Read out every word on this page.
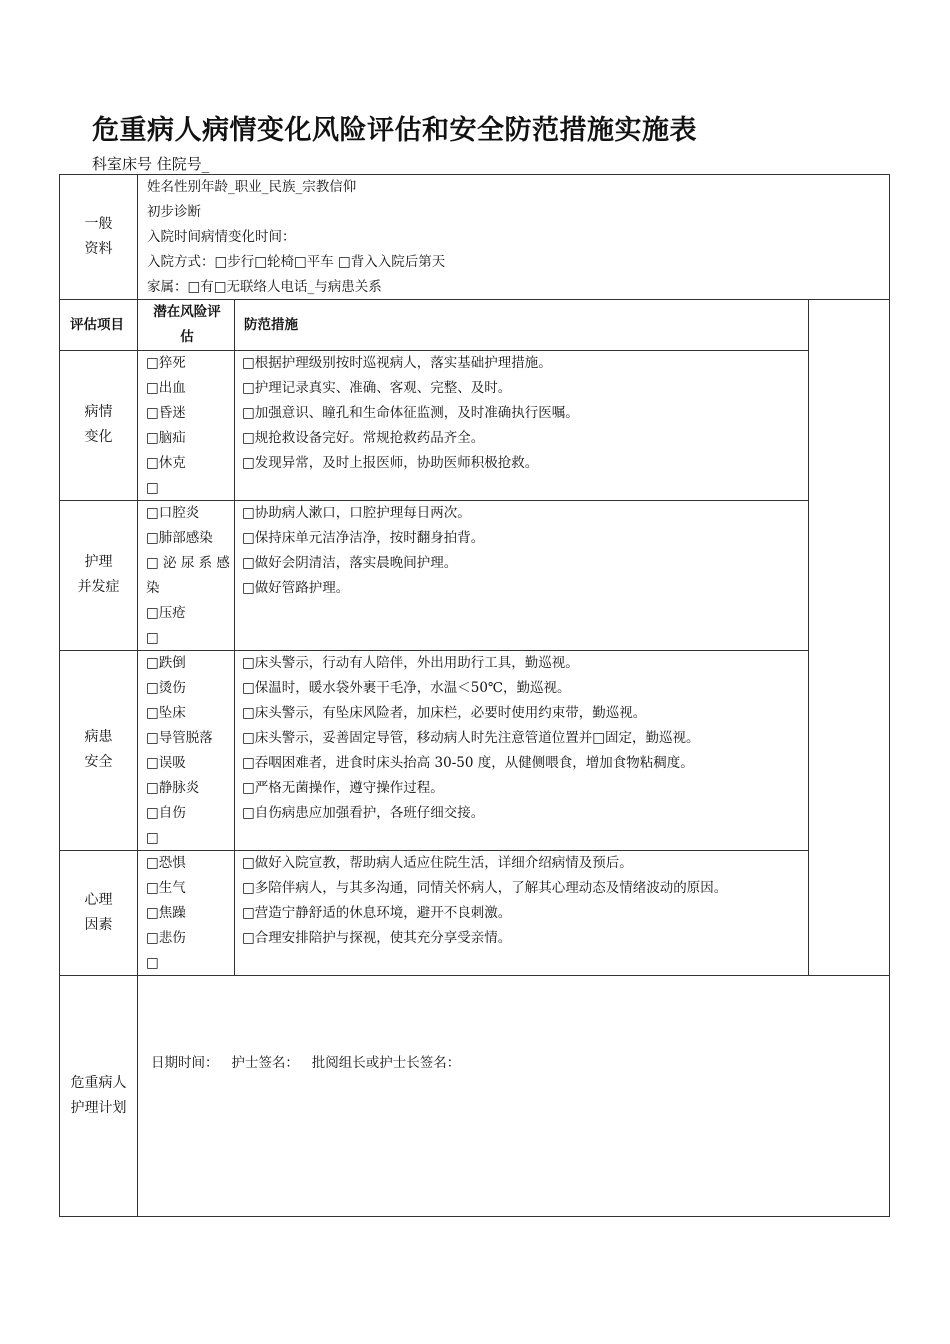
危重病人病情变化风险评估和安全防范措施实施表
科室床号 住院号_
一般
资料
姓名性别年龄_职业_民族_宗教信仰
初步诊断
入院时间病情变化时间：
入院方式：□步行□轮椅□平车 □背入入院后第天
家属：□有□无联络人电话_与病患关系
评估项目
潜在风险评
估
防范措施
病情
变化
□猝死
□出血
□昏迷
□脑疝
□休克
□
□根据护理级别按时巡视病人，落实基础护理措施。
□护理记录真实、准确、客观、完整、及时。
□加强意识、瞳孔和生命体征监测，及时准确执行医嘱。
□规抢救设备完好。常规抢救药品齐全。
□发现异常，及时上报医师，协助医师积极抢救。
护理
并发症
□口腔炎
□肺部感染
□ 泌 尿 系 感
染
□压疮
□
□协助病人漱口，口腔护理每日两次。
□保持床单元洁净洁净，按时翻身拍背。
□做好会阴清洁，落实晨晚间护理。
□做好管路护理。
病患
安全
□跌倒
□烫伤
□坠床
□导管脱落
□误吸
□静脉炎
□自伤
□
□床头警示，行动有人陪伴，外出用助行工具，勤巡视。
□保温时，暖水袋外裹干毛净，水温＜50℃，勤巡视。
□床头警示，有坠床风险者，加床栏，必要时使用约束带，勤巡视。
□床头警示，妥善固定导管，移动病人时先注意管道位置并□固定，勤巡视。
□吞咽困难者，进食时床头抬高 30-50 度，从健侧喂食，增加食物粘稠度。
□严格无菌操作，遵守操作过程。
□自伤病患应加强看护，各班仔细交接。
心理
因素
□恐惧
□生气
□焦躁
□悲伤
□
□做好入院宣教，帮助病人适应住院生活，详细介绍病情及预后。
□多陪伴病人，与其多沟通，同情关怀病人，了解其心理动态及情绪波动的原因。
□营造宁静舒适的休息环境，避开不良刺激。
□合理安排陪护与探视，使其充分享受亲情。
危重病人
护理计划
日期时间：   护士签名：   批阅组长或护士长签名：
